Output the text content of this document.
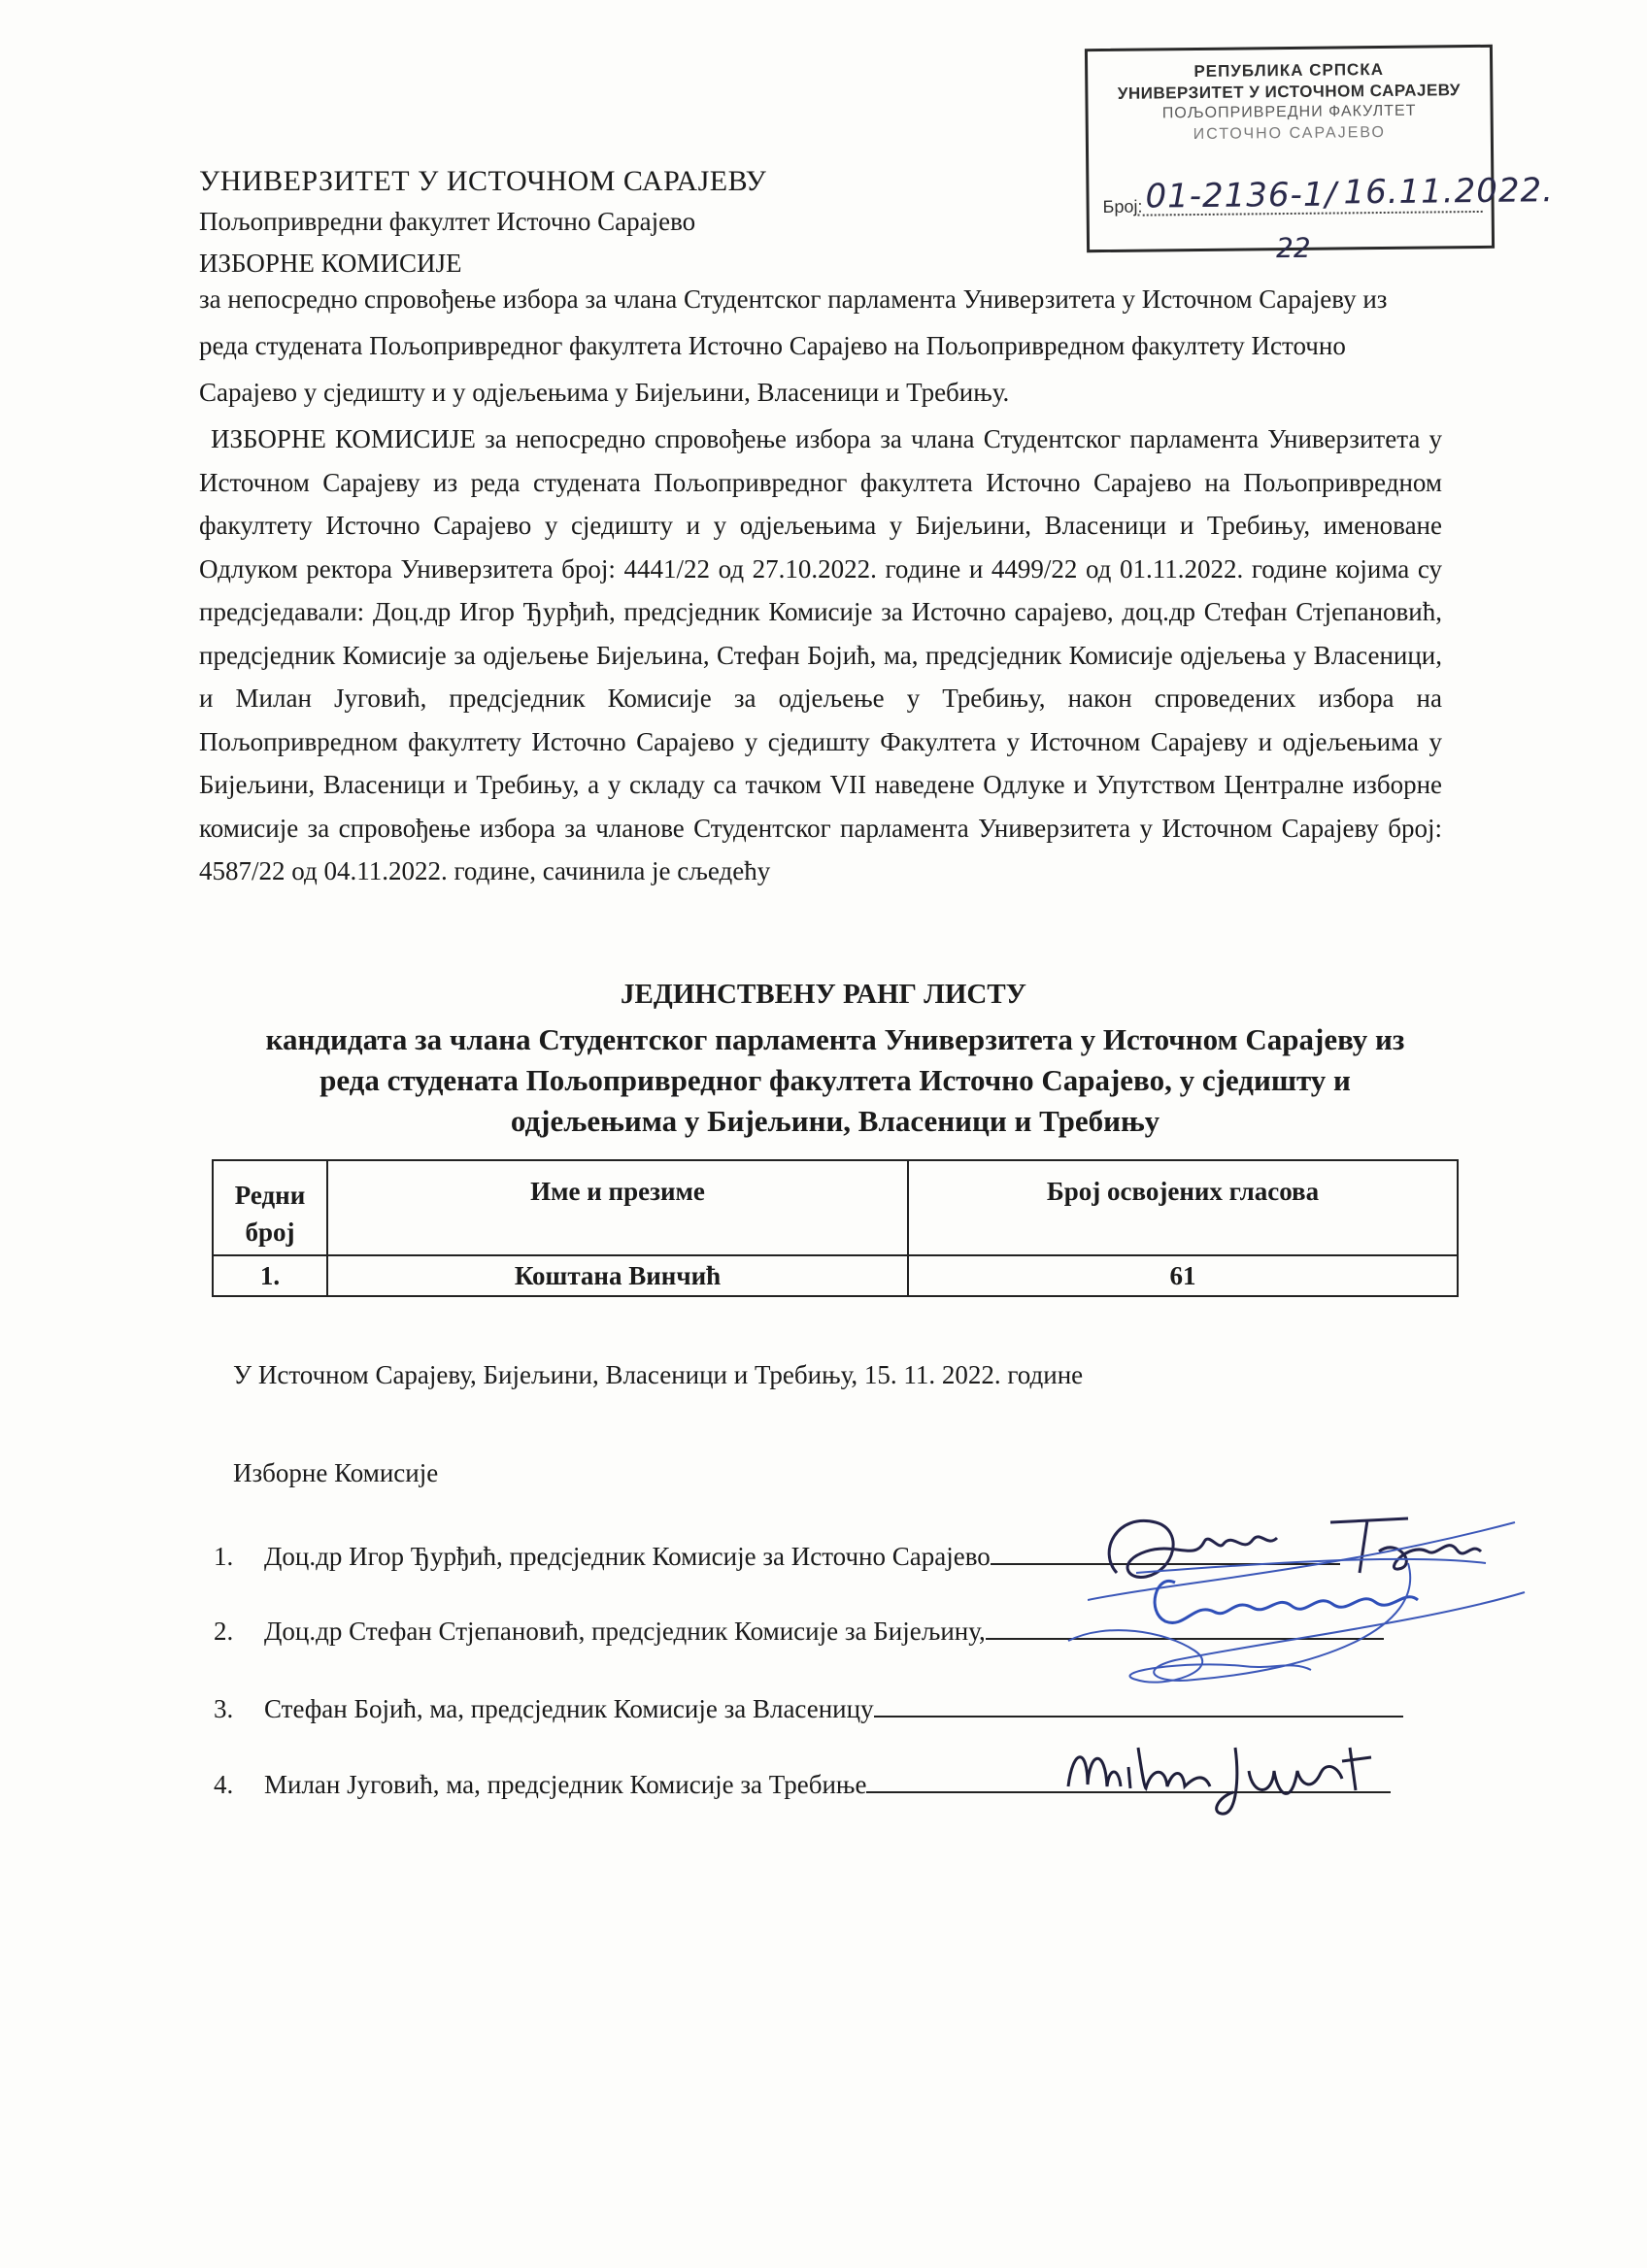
РЕПУБЛИКА СРПСКА
УНИВЕРЗИТЕТ У ИСТОЧНОМ САРАЈЕВУ
ПОЉОПРИВРЕДНИ ФАКУЛТЕТ
ИСТОЧНО САРАЈЕВО
Број: 01-2136-1/ 16.11.2022.
22
УНИВЕРЗИТЕТ У ИСТОЧНОМ САРАЈЕВУ
Пољопривредни факултет Источно Сарајево
ИЗБОРНЕ КОМИСИЈЕ
за непосредно спровођење избора за члана Студентског парламента Универзитета у Источном Сарајеву из реда студената Пољопривредног факултета Источно Сарајево на Пољопривредном факултету Источно Сарајево у сједишту и у одјељењима у Бијељини, Власеници и Требињу.
ИЗБОРНЕ КОМИСИЈЕ за непосредно спровођење избора за члана Студентског парламента Универзитета у Источном Сарајеву из реда студената Пољопривредног факултета Источно Сарајево на Пољопривредном факултету Источно Сарајево у сједишту и у одјељењима у Бијељини, Власеници и Требињу, именоване Одлуком ректора Универзитета број: 4441/22 од 27.10.2022. године и 4499/22 од 01.11.2022. године којима су предсједавали: Доц.др Игор Ђурђић, предсједник Комисије за Источно сарајево, доц.др Стефан Стјепановић, предсједник Комисије за одјељење Бијељина, Стефан Бојић, ма, предсједник Комисије одјељења у Власеници, и Милан Југовић, предсједник Комисије за одјељење у Требињу, након спроведених избора на Пољопривредном факултету Источно Сарајево у сједишту Факултета у Источном Сарајеву и одјељењима у Бијељини, Власеници и Требињу, а у складу са тачком VII наведене Одлуке и Упутством Централне изборне комисије за спровођење избора за чланове Студентског парламента Универзитета у Источном Сарајеву број: 4587/22 од 04.11.2022. године, сачинила је сљедећу
ЈЕДИНСТВЕНУ РАНГ ЛИСТУ
кандидата за члана Студентског парламента Универзитета у Источном Сарајеву из реда студената Пољопривредног факултета Источно Сарајево, у сједишту и одјељењима у Бијељини, Власеници и Требињу
Редни број	Име и презиме	Број освојених гласова
1.	Коштана Винчић	61
У Источном Сарајеву, Бијељини, Власеници и Требињу, 15. 11. 2022. године
Изборне Комисије
1. Доц.др Игор Ђурђић, предсједник Комисије за Источно Сарајево
2. Доц.др Стефан Стјепановић, предсједник Комисије за Бијељину,
3. Стефан Бојић, ма, предсједник Комисије за Власеницу
4. Милан Југовић, ма, предсједник Комисије за Требиње
